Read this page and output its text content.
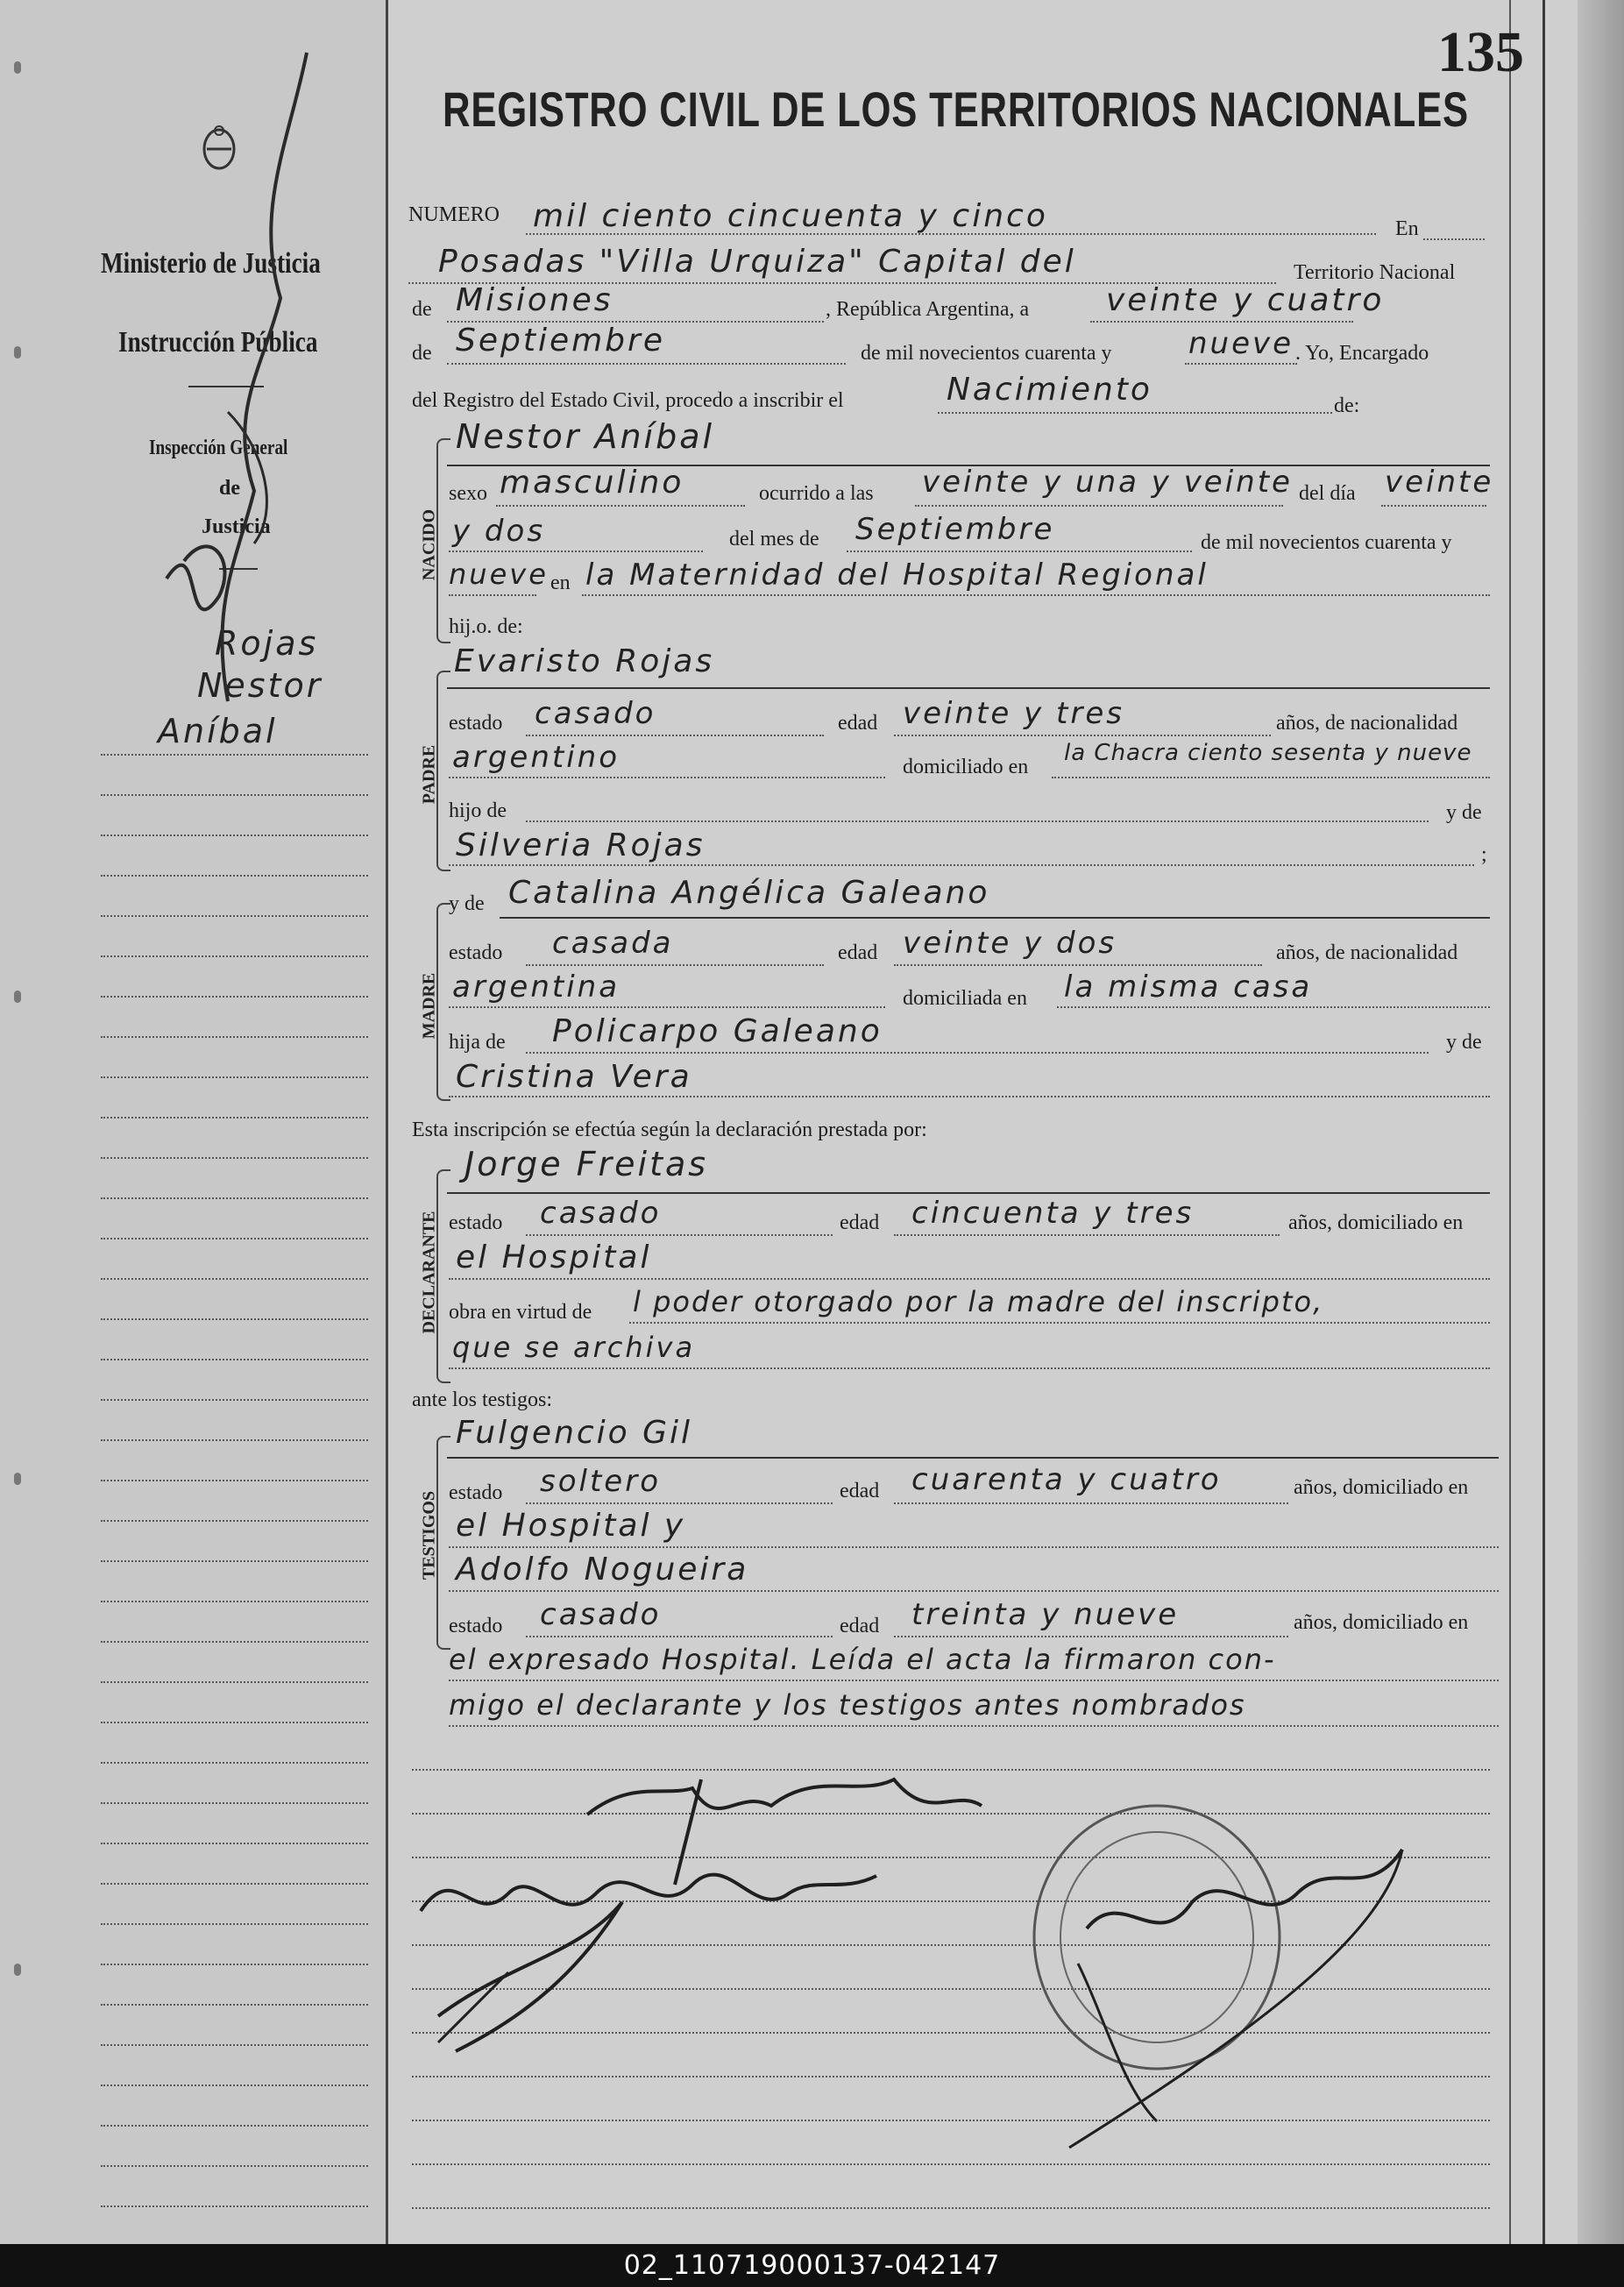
135
REGISTRO CIVIL DE LOS TERRITORIOS NACIONALES
Ministerio de Justicia
Instrucción Pública
Inspección General
de
Justicia
Rojas
Nestor
Aníbal
NUMERO mil ciento cincuenta y cinco	En
Posadas "Villa Urquiza" Capital del	Territorio Nacional
de Misiones	, República Argentina, a veinte y cuatro
de Septiembre	de mil novecientos cuarenta y	nueve . Yo, Encargado
del Registro del Estado Civil, procedo a inscribir el	Nacimiento	de:
NACIDO
Nestor Aníbal
sexo masculino	ocurrido a las veinte y una y veinte del día veinte
y dos	del mes de Septiembre	de mil novecientos cuarenta y
nueve en la Maternidad del Hospital Regional
hij.o. de:
PADRE
Evaristo Rojas
estado casado	edad veinte y tres	años, de nacionalidad
argentino	domiciliado en
la Chacra ciento sesenta y nueve
hijo de	y de
Silveria Rojas	;
MADRE
y de Catalina Angélica Galeano
estado casada	edad veinte y dos	años, de nacionalidad
argentina	domiciliada en la misma casa
hija de Policarpo Galeano	y de
Cristina Vera
Esta inscripción se efectúa según la declaración prestada por:
DECLARANTE
Jorge Freitas
estado casado	edad cincuenta y tres	años, domiciliado en
el Hospital
obra en virtud de l poder otorgado por la madre del inscripto,
que se archiva
ante los testigos:
TESTIGOS
Fulgencio Gil
estado soltero	edad cuarenta y cuatro	años, domiciliado en
el Hospital y
Adolfo Nogueira
estado casado	edad treinta y nueve	años, domiciliado en
el expresado Hospital. Leída el acta la firmaron con-
migo el declarante y los testigos antes nombrados
02_110719000137-042147
